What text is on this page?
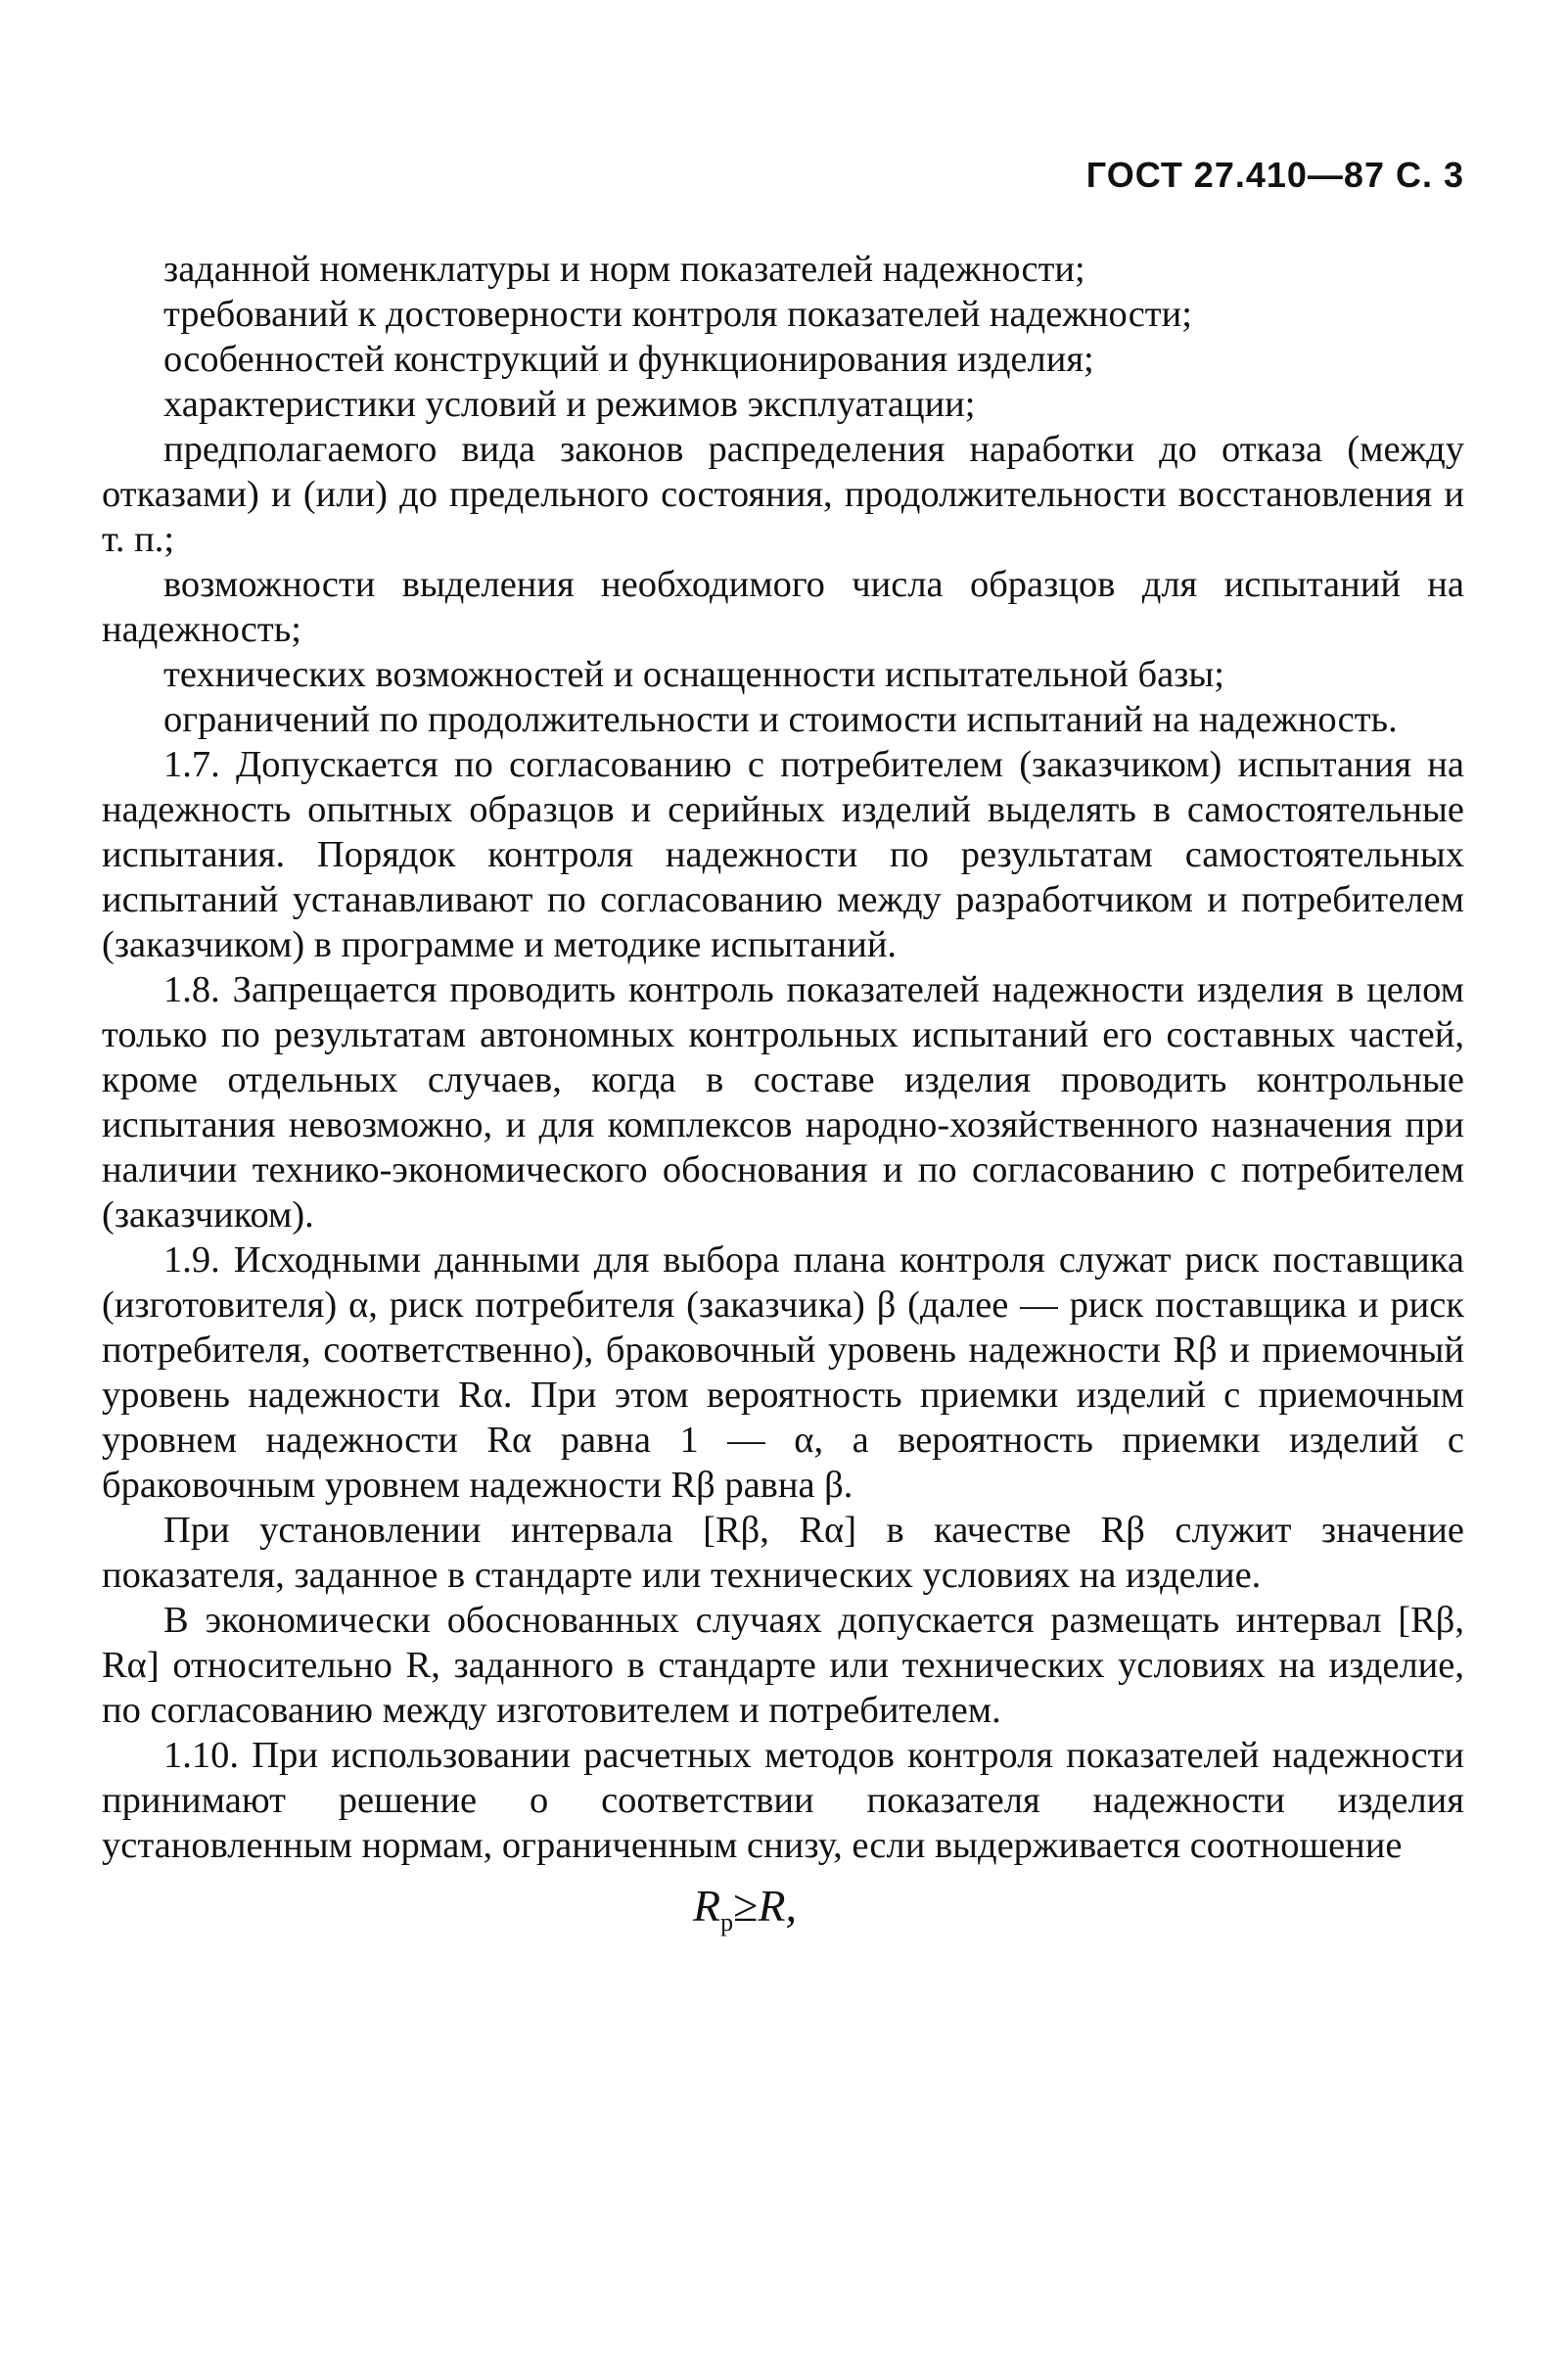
ГОСТ 27.410—87 С. 3

заданной номенклатуры и норм показателей надежности;

требований к достоверности контроля показателей надежности;

особенностей конструкций и функционирования изделия;

характеристики условий и режимов эксплуатации;

предполагаемого вида законов распределения наработки до отказа (между отказами) и (или) до предельного состояния, продолжительности восстановления и т. п.;

возможности выделения необходимого числа образцов для испытаний на надежность;

технических возможностей и оснащенности испытательной базы;

ограничений по продолжительности и стоимости испытаний на надежность.

1.7. Допускается по согласованию с потребителем (заказчиком) испытания на надежность опытных образцов и серийных изделий выделять в самостоятельные испытания. Порядок контроля надежности по результатам самостоятельных испытаний устанавливают по согласованию между разработчиком и потребителем (заказчиком) в программе и методике испытаний.

1.8. Запрещается проводить контроль показателей надежности изделия в целом только по результатам автономных контрольных испытаний его составных частей, кроме отдельных случаев, когда в составе изделия проводить контрольные испытания невозможно, и для комплексов народно-хозяйственного назначения при наличии технико-экономического обоснования и по согласованию с потребителем (заказчиком).

1.9. Исходными данными для выбора плана контроля служат риск поставщика (изготовителя) α, риск потребителя (заказчика) β (далее — риск поставщика и риск потребителя, соответственно), браковочный уровень надежности Rβ и приемочный уровень надежности Rα. При этом вероятность приемки изделий с приемочным уровнем надежности Rα равна 1 — α, а вероятность приемки изделий с браковочным уровнем надежности Rβ равна β.

При установлении интервала [Rβ, Rα] в качестве Rβ служит значение показателя, заданное в стандарте или технических условиях на изделие.

В экономически обоснованных случаях допускается размещать интервал [Rβ, Rα] относительно R, заданного в стандарте или технических условиях на изделие, по согласованию между изготовителем и потребителем.

1.10. При использовании расчетных методов контроля показателей надежности принимают решение о соответствии показателя надежности изделия установленным нормам, ограниченным снизу, если выдерживается соотношение

$R_р\ge R$,
